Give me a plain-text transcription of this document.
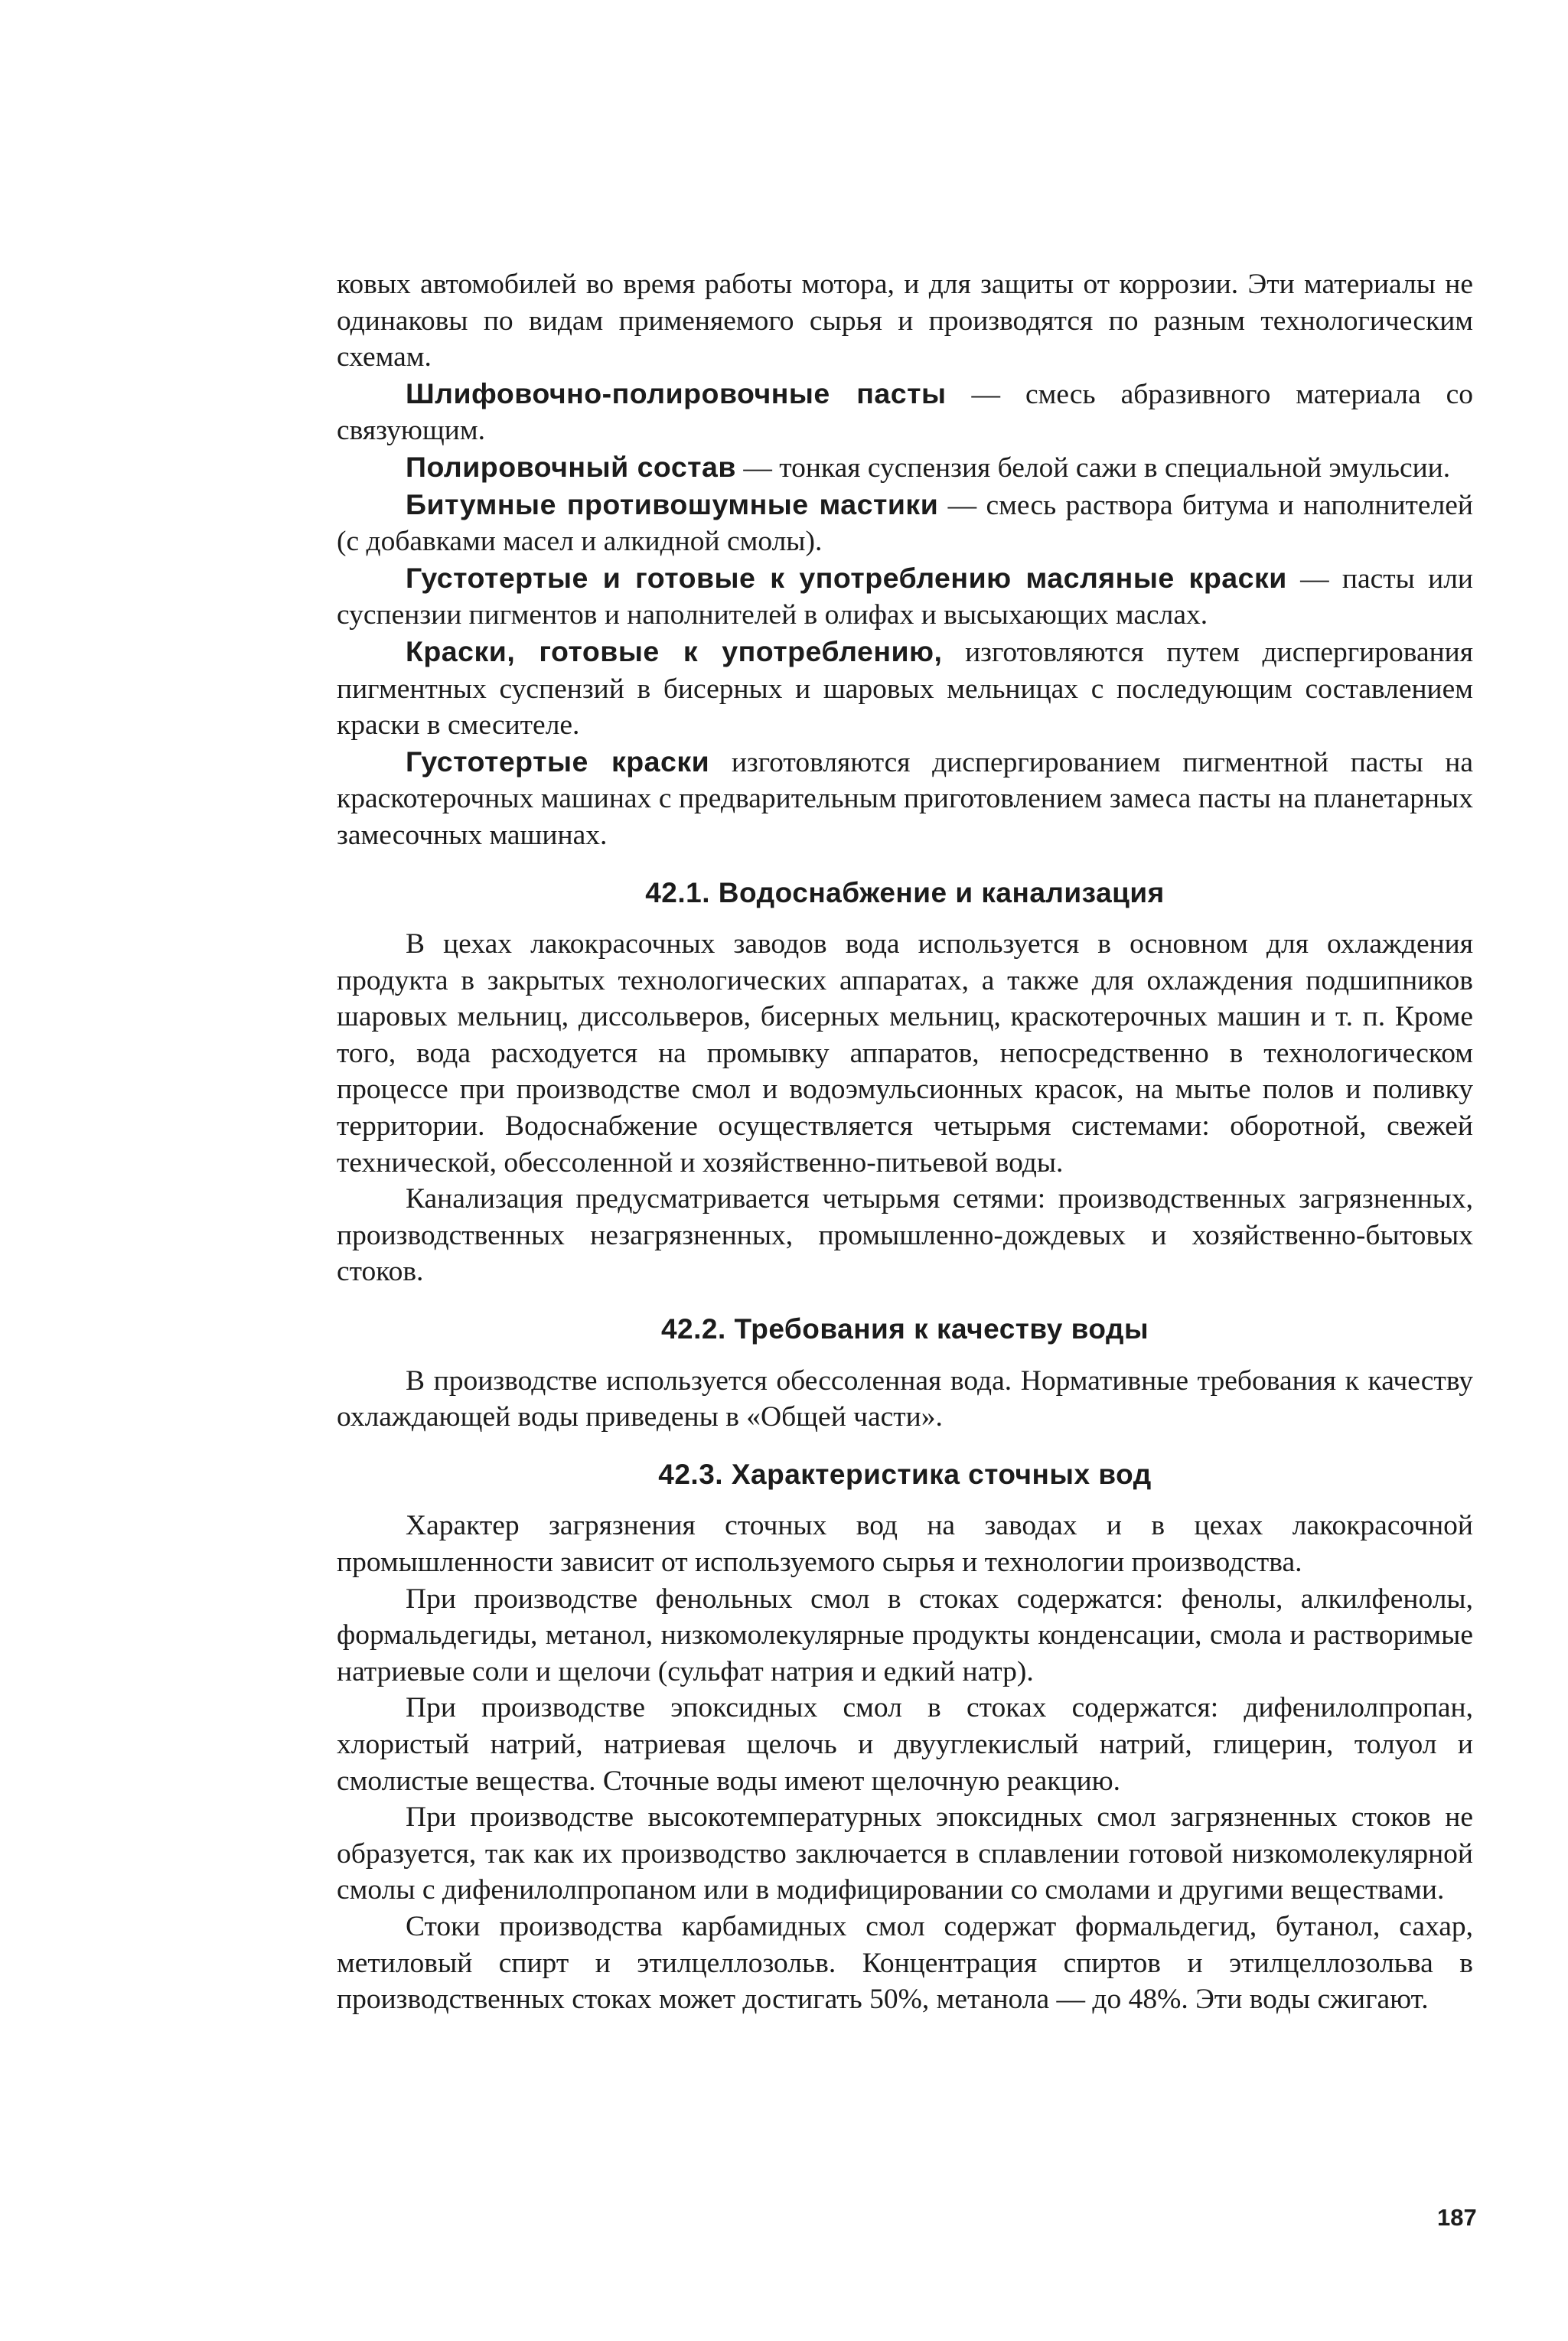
ковых автомобилей во время работы мотора, и для защиты от коррозии. Эти материалы не одинаковы по видам применяемого сырья и производятся по разным технологическим схемам.

Шлифовочно-полировочные пасты — смесь абразивного материала со связующим.

Полировочный состав — тонкая суспензия белой сажи в специальной эмульсии.

Битумные противошумные мастики — смесь раствора битума и наполнителей (с добавками масел и алкидной смолы).

Густотертые и готовые к употреблению масляные краски — пасты или суспензии пигментов и наполнителей в олифах и высыхающих маслах.

Краски, готовые к употреблению, изготовляются путем диспергирования пигментных суспензий в бисерных и шаровых мельницах с последующим составлением краски в смесителе.

Густотертые краски изготовляются диспергированием пигментной пасты на краскотерочных машинах с предварительным приготовлением замеса пасты на планетарных замесочных машинах.

42.1. Водоснабжение и канализация

В цехах лакокрасочных заводов вода используется в основном для охлаждения продукта в закрытых технологических аппаратах, а также для охлаждения подшипников шаровых мельниц, диссольверов, бисерных мельниц, краскотерочных машин и т. п. Кроме того, вода расходуется на промывку аппаратов, непосредственно в технологическом процессе при производстве смол и водоэмульсионных красок, на мытье полов и поливку территории. Водоснабжение осуществляется четырьмя системами: оборотной, свежей технической, обессоленной и хозяйственно-питьевой воды.

Канализация предусматривается четырьмя сетями: производственных загрязненных, производственных незагрязненных, промышленно-дождевых и хозяйственно-бытовых стоков.

42.2. Требования к качеству воды

В производстве используется обессоленная вода. Нормативные требования к качеству охлаждающей воды приведены в «Общей части».

42.3. Характеристика сточных вод

Характер загрязнения сточных вод на заводах и в цехах лакокрасочной промышленности зависит от используемого сырья и технологии производства.

При производстве фенольных смол в стоках содержатся: фенолы, алкилфенолы, формальдегиды, метанол, низкомолекулярные продукты конденсации, смола и растворимые натриевые соли и щелочи (сульфат натрия и едкий натр).

При производстве эпоксидных смол в стоках содержатся: дифенилолпропан, хлористый натрий, натриевая щелочь и двууглекислый натрий, глицерин, толуол и смолистые вещества. Сточные воды имеют щелочную реакцию.

При производстве высокотемпературных эпоксидных смол загрязненных стоков не образуется, так как их производство заключается в сплавлении готовой низкомолекулярной смолы с дифенилолпропаном или в модифицировании со смолами и другими веществами.

Стоки производства карбамидных смол содержат формальдегид, бутанол, сахар, метиловый спирт и этилцеллозольв. Концентрация спиртов и этилцеллозольва в производственных стоках может достигать 50%, метанола — до 48%. Эти воды сжигают.

187
